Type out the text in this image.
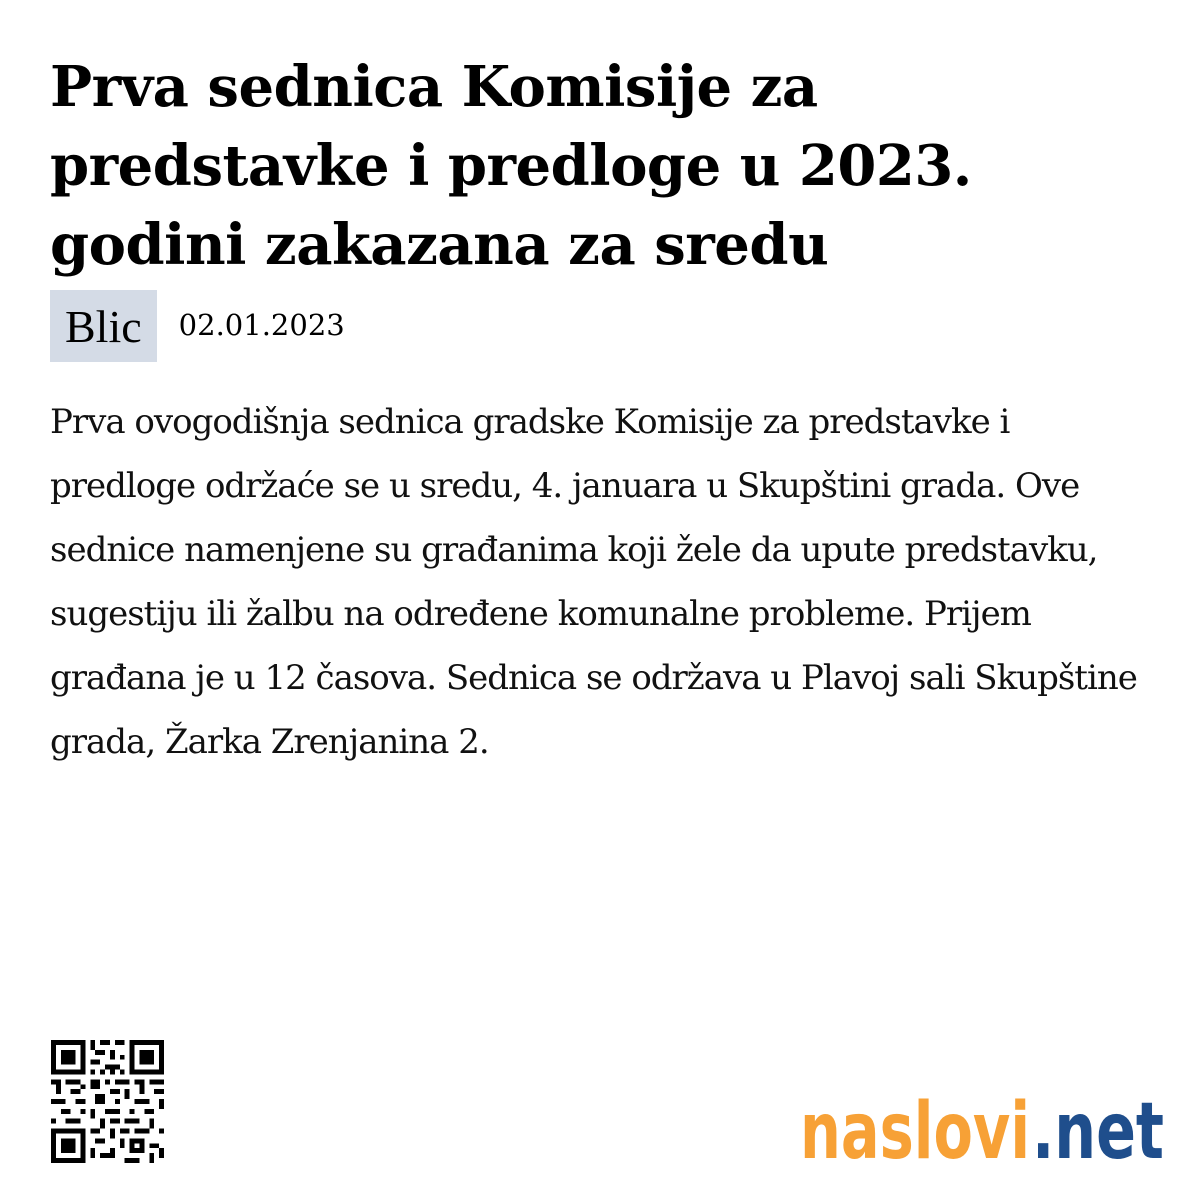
Prva sednica Komisije za predstavke i predloge u 2023. godini zakazana za sredu
Blic	02.01.2023

Prva ovogodišnja sednica gradske Komisije za predstavke i predloge održaće se u sredu, 4. januara u Skupštini grada. Ove sednice namenjene su građanima koji žele da upute predstavku, sugestiju ili žalbu na određene komunalne probleme. Prijem građana je u 12 časova. Sednica se održava u Plavoj sali Skupštine grada, Žarka Zrenjanina 2.

naslovi .net
